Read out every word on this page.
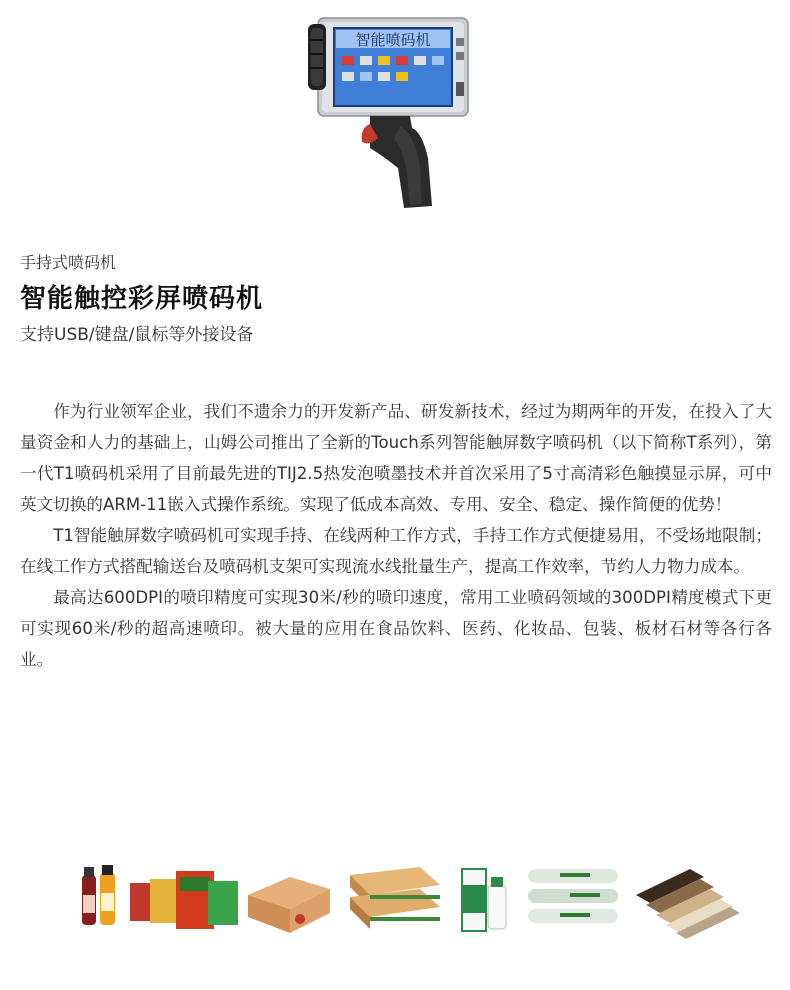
智能喷码机
手持式喷码机
智能触控彩屏喷码机
支持USB/键盘/鼠标等外接设备

作为行业领军企业，我们不遗余力的开发新产品、研发新技术，经过为期两年的开发，在投入了大量资金和人力的基础上，山姆公司推出了全新的Touch系列智能触屏数字喷码机（以下简称T系列），第一代T1喷码机采用了目前最先进的TIJ2.5热发泡喷墨技术并首次采用了5寸高清彩色触摸显示屏，可中英文切换的ARM-11嵌入式操作系统。实现了低成本高效、专用、安全、稳定、操作简便的优势！

T1智能触屏数字喷码机可实现手持、在线两种工作方式，手持工作方式便捷易用，不受场地限制；在线工作方式搭配输送台及喷码机支架可实现流水线批量生产，提高工作效率，节约人力物力成本。

最高达600DPI的喷印精度可实现30米/秒的喷印速度，常用工业喷码领域的300DPI精度模式下更可实现60米/秒的超高速喷印。被大量的应用在食品饮料、医药、化妆品、包装、板材石材等各行各业。
